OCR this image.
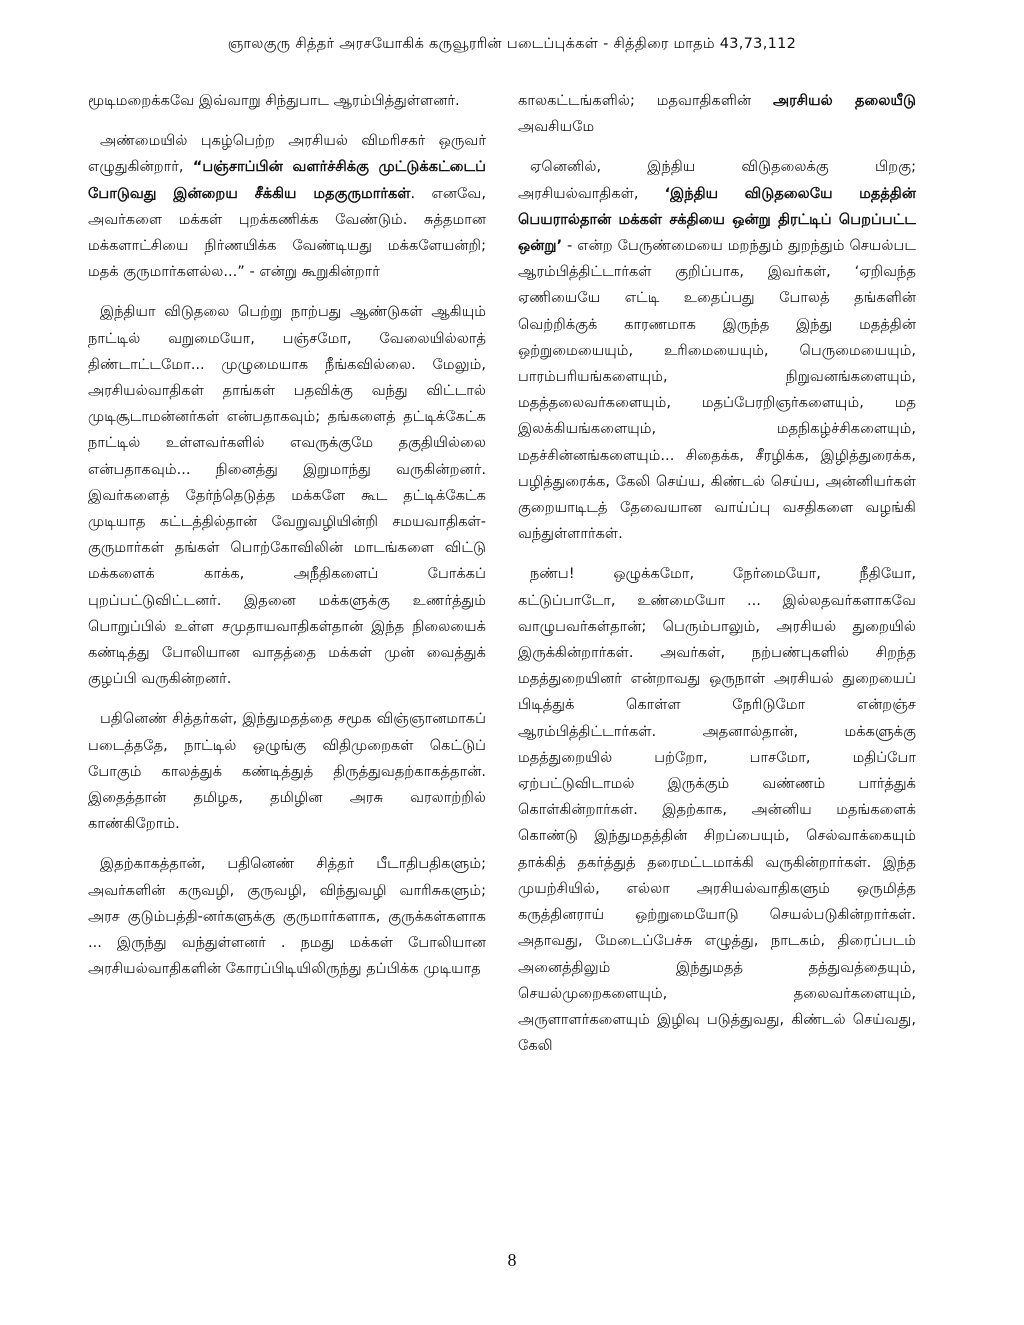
ஞாலகுரு சித்தர் அரசயோகிக் கருவூரரின் படைப்புக்கள் - சித்திரை மாதம் 43,73,112

மூடிமறைக்கவே இவ்வாறு சிந்துபாட ஆரம்பித்துள்ளனர்.

அண்மையில் புகழ்பெற்ற அரசியல் விமரிசகர் ஒருவர் எழுதுகின்றார், “பஞ்சாப்பின் வளர்ச்சிக்கு முட்டுக்கட்டைப் போடுவது இன்றைய சீக்கிய மதகுருமார்கள். எனவே, அவர்களை மக்கள் புறக்கணிக்க வேண்டும். சுத்தமான மக்களாட்சியை நிர்ணயிக்க வேண்டியது மக்களேயன்றி; மதக் குருமார்களல்ல...” - என்று கூறுகின்றார்

இந்தியா விடுதலை பெற்று நாற்பது ஆண்டுகள் ஆகியும் நாட்டில் வறுமையோ, பஞ்சமோ, வேலையில்லாத் திண்டாட்டமோ... முழுமையாக நீங்கவில்லை. மேலும், அரசியல்வாதிகள் தாங்கள் பதவிக்கு வந்து விட்டால் முடிசூடாமன்னர்கள் என்பதாகவும்; தங்களைத் தட்டிக்கேட்க நாட்டில் உள்ளவர்களில் எவருக்குமே தகுதியில்லை என்பதாகவும்... நினைத்து இறுமாந்து வருகின்றனர். இவர்களைத் தேர்ந்தெடுத்த மக்களே கூட தட்டிக்கேட்க முடியாத கட்டத்தில்தான் வேறுவழியின்றி சமயவாதிகள்-குருமார்கள் தங்கள் பொற்கோவிலின் மாடங்களை விட்டு மக்களைக் காக்க, அநீதிகளைப் போக்கப் புறப்பட்டுவிட்டனர். இதனை மக்களுக்கு உணர்த்தும் பொறுப்பில் உள்ள சமுதாயவாதிகள்தான் இந்த நிலையைக் கண்டித்து போலியான வாதத்தை மக்கள் முன் வைத்துக் குழப்பி வருகின்றனர்.

பதினெண் சித்தர்கள், இந்துமதத்தை சமூக விஞ்ஞானமாகப் படைத்ததே, நாட்டில் ஒழுங்கு விதிமுறைகள் கெட்டுப் போகும் காலத்துக் கண்டித்துத் திருத்துவதற்காகத்தான். இதைத்தான் தமிழக, தமிழின அரசு வரலாற்றில் காண்கிறோம்.

இதற்காகத்தான், பதினெண் சித்தர் பீடாதிபதிகளும்; அவர்களின் கருவழி, குருவழி, விந்துவழி வாரிசுகளும்; அரச குடும்பத்தி-னர்களுக்கு குருமார்களாக, குருக்கள்களாக ... இருந்து வந்துள்ளனர் . நமது மக்கள் போலியான அரசியல்வாதிகளின் கோரப்பிடியிலிருந்து தப்பிக்க முடியாத

காலகட்டங்களில்; மதவாதிகளின் அரசியல் தலையீடு அவசியமே

ஏனெனில், இந்திய விடுதலைக்கு பிறகு; அரசியல்வாதிகள், ‘இந்திய விடுதலையே மதத்தின் பெயரால்தான் மக்கள் சக்தியை ஒன்று திரட்டிப் பெறப்பட்ட ஒன்று’ - என்ற பேருண்மையை மறந்தும் துறந்தும் செயல்பட ஆரம்பித்திட்டார்கள் குறிப்பாக, இவர்கள், ‘ஏறிவந்த ஏணியையே எட்டி உதைப்பது போலத் தங்களின் வெற்றிக்குக் காரணமாக இருந்த இந்து மதத்தின் ஒற்றுமையையும், உரிமையையும், பெருமையையும், பாரம்பரியங்களையும், நிறுவனங்களையும், மதத்தலைவர்களையும், மதப்பேரறிஞர்களையும், மத இலக்கியங்களையும், மதநிகழ்ச்சிகளையும், மதச்சின்னங்களையும்... சிதைக்க, சீரழிக்க, இழித்துரைக்க, பழித்துரைக்க, கேலி செய்ய, கிண்டல் செய்ய, அன்னியர்கள் குறையாடிடத் தேவையான வாய்ப்பு வசதிகளை வழங்கி வந்துள்ளார்கள்.

நண்ப! ஒழுக்கமோ, நேர்மையோ, நீதியோ, கட்டுப்பாடோ, உண்மையோ ... இல்லதவர்களாகவே வாழுபவர்கள்தான்; பெரும்பாலும், அரசியல் துறையில் இருக்கின்றார்கள். அவர்கள், நற்பண்புகளில் சிறந்த மதத்துறையினர் என்றாவது ஒருநாள் அரசியல் துறையைப் பிடித்துக் கொள்ள நேரிடுமோ என்றஞ்ச ஆரம்பித்திட்டார்கள். அதனால்தான், மக்களுக்கு மதத்துறையில் பற்றோ, பாசமோ, மதிப்போ ஏற்பட்டுவிடாமல் இருக்கும் வண்ணம் பார்த்துக் கொள்கின்றார்கள். இதற்காக, அன்னிய மதங்களைக் கொண்டு இந்துமதத்தின் சிறப்பையும், செல்வாக்கையும் தாக்கித் தகர்த்துத் தரைமட்டமாக்கி வருகின்றார்கள். இந்த முயற்சியில், எல்லா அரசியல்வாதிகளும் ஒருமித்த கருத்தினராய் ஒற்றுமையோடு செயல்படுகின்றார்கள். அதாவது, மேடைப்பேச்சு எழுத்து, நாடகம், திரைப்படம் அனைத்திலும் இந்துமதத் தத்துவத்தையும், செயல்முறைகளையும், தலைவர்களையும், அருளாளர்களையும் இழிவு படுத்துவது, கிண்டல் செய்வது, கேலி

8
